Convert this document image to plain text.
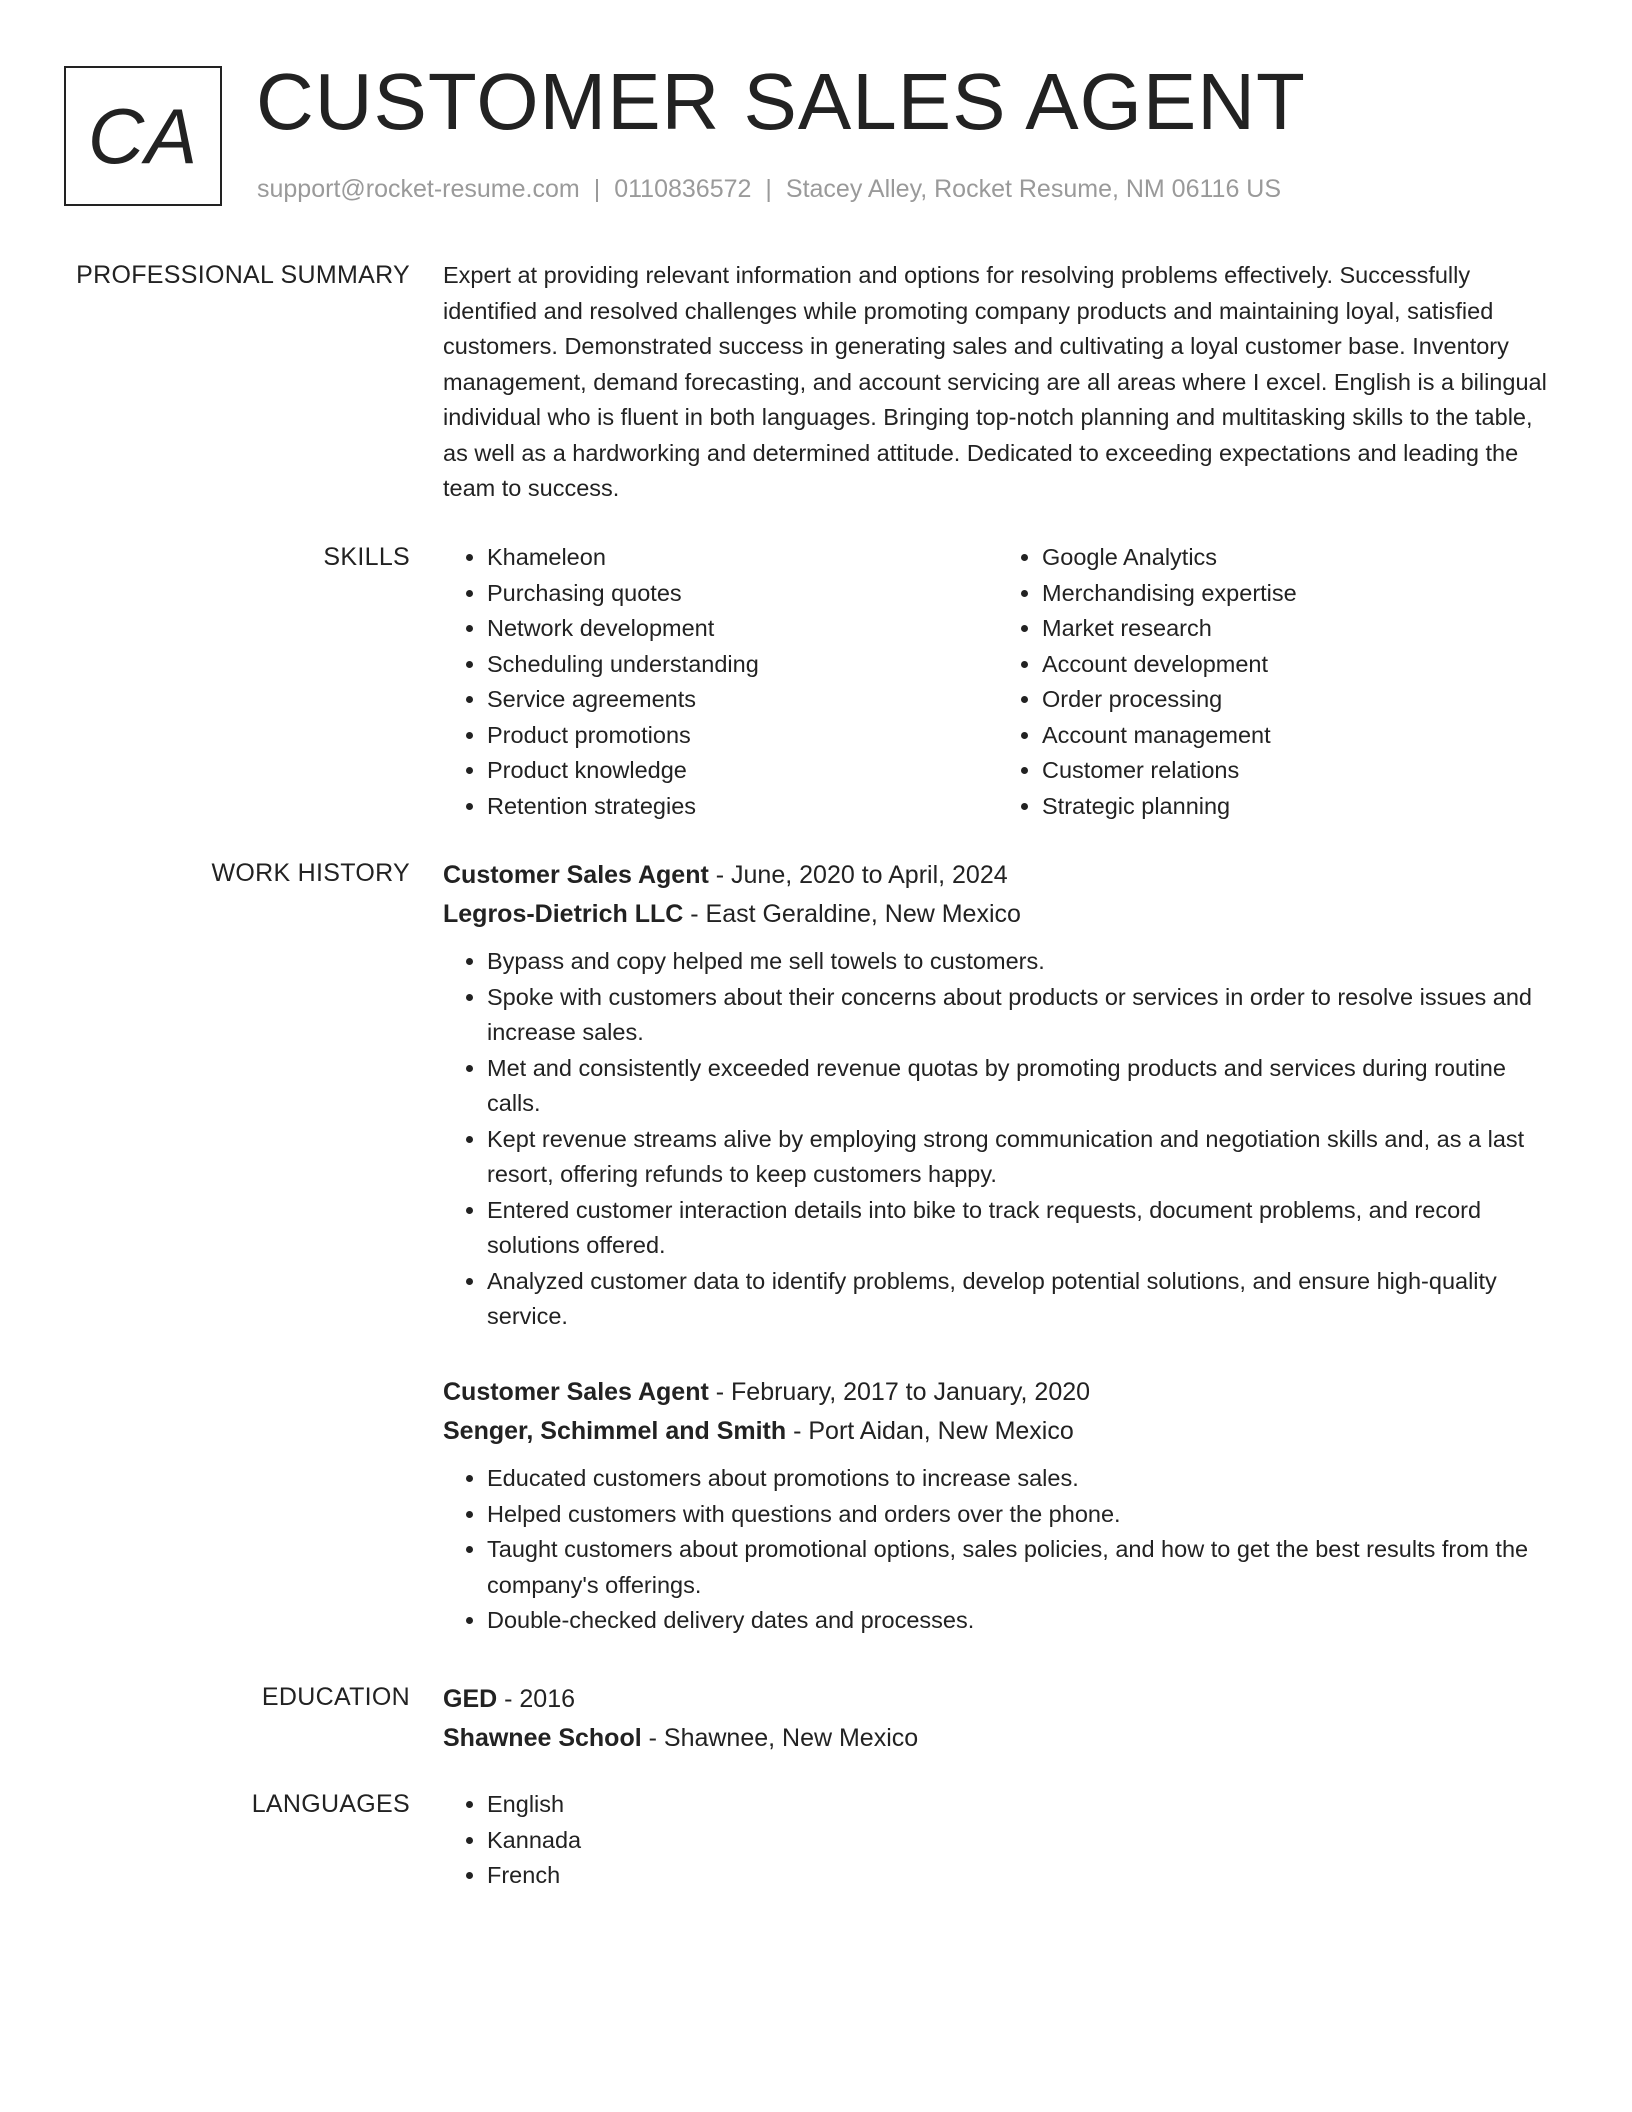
CA CUSTOMER SALES AGENT
support@rocket-resume.com | 0110836572 | Stacey Alley, Rocket Resume, NM 06116 US
PROFESSIONAL SUMMARY Expert at providing relevant information and options for resolving problems effectively. Successfully identified and resolved challenges while promoting company products and maintaining loyal, satisfied customers. Demonstrated success in generating sales and cultivating a loyal customer base. Inventory management, demand forecasting, and account servicing are all areas where I excel. English is a bilingual individual who is fluent in both languages. Bringing top-notch planning and multitasking skills to the table, as well as a hardworking and determined attitude. Dedicated to exceeding expectations and leading the team to success.

SKILLS	• Khameleon
• Purchasing quotes
• Network development
• Scheduling understanding
• Service agreements
• Product promotions
• Product knowledge
• Retention strategies
• Google Analytics
• Merchandising expertise
• Market research
• Account development
• Order processing
• Account management
• Customer relations
• Strategic planning
WORK HISTORY Customer Sales Agent - June, 2020 to April, 2024
Legros-Dietrich LLC - East Geraldine, New Mexico
• Bypass and copy helped me sell towels to customers.
• Spoke with customers about their concerns about products or services in order to resolve issues and increase sales.
• Met and consistently exceeded revenue quotas by promoting products and services during routine calls.
• Kept revenue streams alive by employing strong communication and negotiation skills and, as a last resort, offering refunds to keep customers happy.
• Entered customer interaction details into bike to track requests, document problems, and record solutions offered.
• Analyzed customer data to identify problems, develop potential solutions, and ensure high-quality service.
Customer Sales Agent - February, 2017 to January, 2020
Senger, Schimmel and Smith - Port Aidan, New Mexico
• Educated customers about promotions to increase sales.
• Helped customers with questions and orders over the phone.
• Taught customers about promotional options, sales policies, and how to get the best results from the company's offerings.
• Double-checked delivery dates and processes.
EDUCATION GED - 2016
Shawnee School - Shawnee, New Mexico
LANGUAGES	• English
• Kannada
• French
